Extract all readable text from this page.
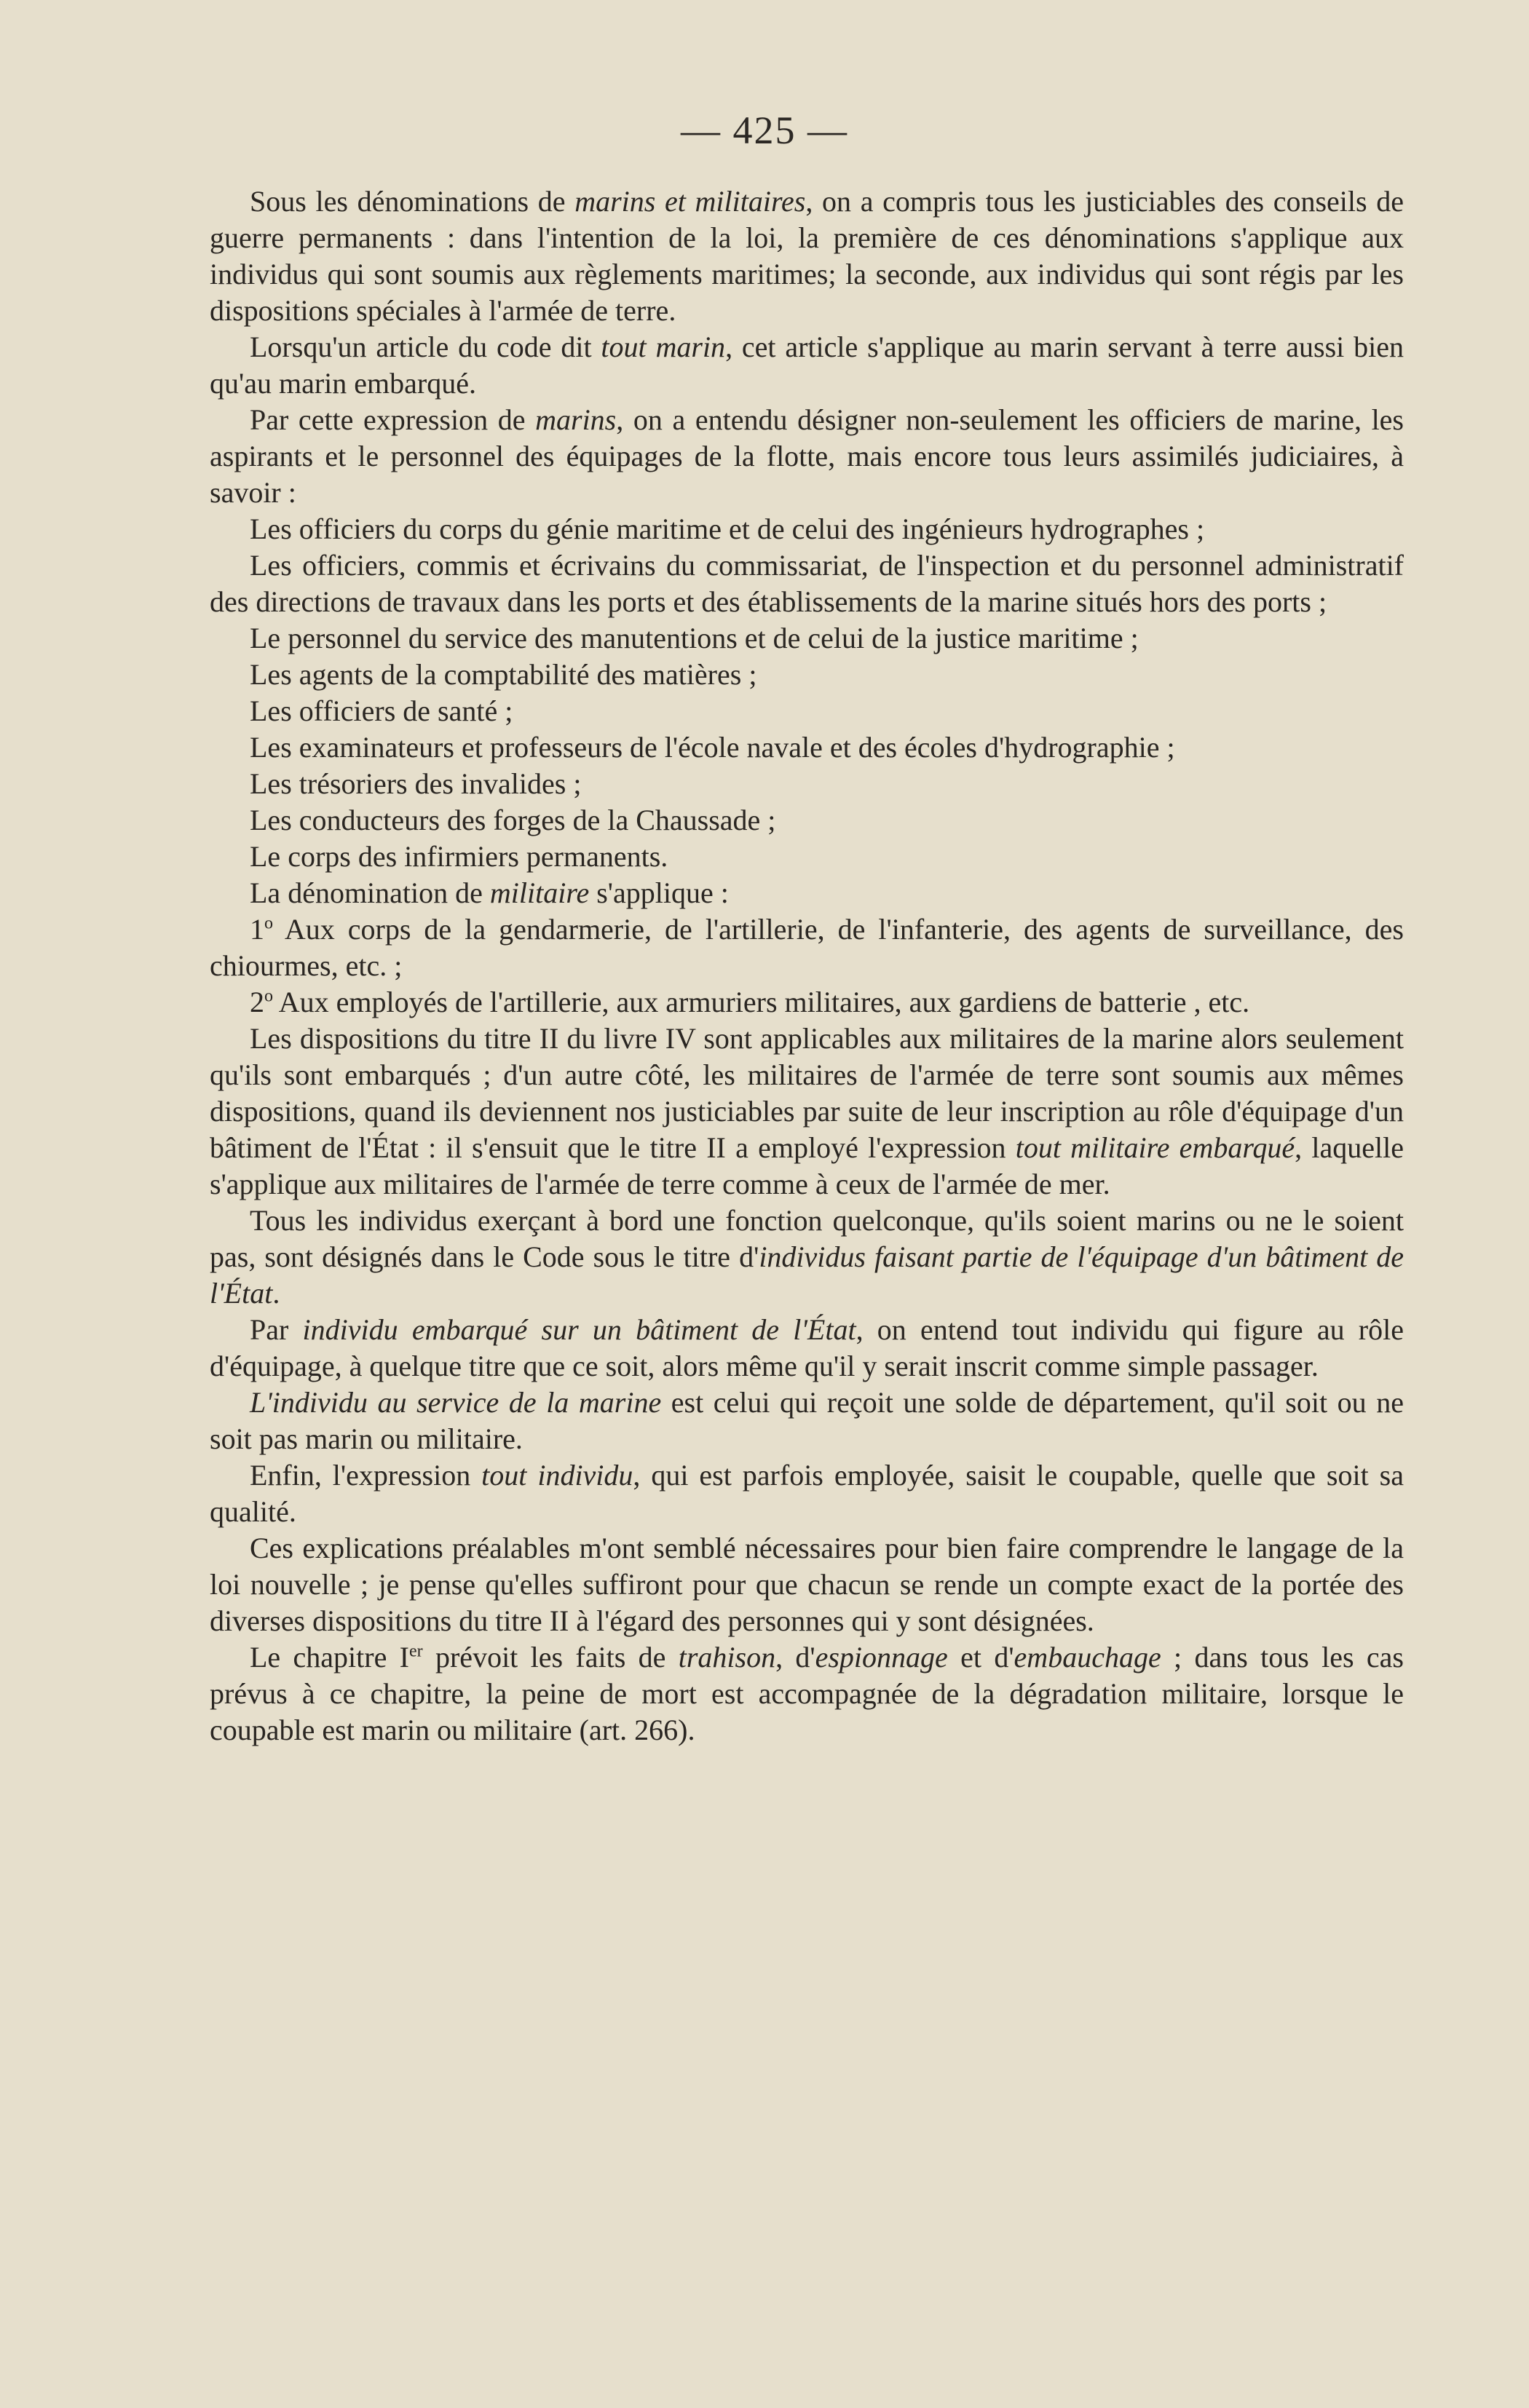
— 425 —

Sous les dénominations de marins et militaires, on a compris tous les justiciables des conseils de guerre permanents : dans l'intention de la loi, la première de ces dénominations s'applique aux individus qui sont soumis aux règlements maritimes; la seconde, aux individus qui sont régis par les dispositions spéciales à l'armée de terre.

Lorsqu'un article du code dit tout marin, cet article s'applique au marin servant à terre aussi bien qu'au marin embarqué.

Par cette expression de marins, on a entendu désigner non-seulement les officiers de marine, les aspirants et le personnel des équipages de la flotte, mais encore tous leurs assimilés judiciaires, à savoir :

Les officiers du corps du génie maritime et de celui des ingénieurs hydrographes ;

Les officiers, commis et écrivains du commissariat, de l'inspection et du personnel administratif des directions de travaux dans les ports et des établissements de la marine situés hors des ports ;

Le personnel du service des manutentions et de celui de la justice maritime ;

Les agents de la comptabilité des matières ;

Les officiers de santé ;

Les examinateurs et professeurs de l'école navale et des écoles d'hydrographie ;

Les trésoriers des invalides ;

Les conducteurs des forges de la Chaussade ;

Le corps des infirmiers permanents.

La dénomination de militaire s'applique :

1$^o$ Aux corps de la gendarmerie, de l'artillerie, de l'infanterie, des agents de surveillance, des chiourmes, etc. ;

2$^o$ Aux employés de l'artillerie, aux armuriers militaires, aux gardiens de batterie , etc.

Les dispositions du titre II du livre IV sont applicables aux militaires de la marine alors seulement qu'ils sont embarqués ; d'un autre côté, les militaires de l'armée de terre sont soumis aux mêmes dispositions, quand ils deviennent nos justiciables par suite de leur inscription au rôle d'équipage d'un bâtiment de l'État : il s'ensuit que le titre II a employé l'expression tout militaire embarqué, laquelle s'applique aux militaires de l'armée de terre comme à ceux de l'armée de mer.

Tous les individus exerçant à bord une fonction quelconque, qu'ils soient marins ou ne le soient pas, sont désignés dans le Code sous le titre d'individus faisant partie de l'équipage d'un bâtiment de l'État.

Par individu embarqué sur un bâtiment de l'État, on entend tout individu qui figure au rôle d'équipage, à quelque titre que ce soit, alors même qu'il y serait inscrit comme simple passager.

L'individu au service de la marine est celui qui reçoit une solde de département, qu'il soit ou ne soit pas marin ou militaire.

Enfin, l'expression tout individu, qui est parfois employée, saisit le coupable, quelle que soit sa qualité.

Ces explications préalables m'ont semblé nécessaires pour bien faire comprendre le langage de la loi nouvelle ; je pense qu'elles suffiront pour que chacun se rende un compte exact de la portée des diverses dispositions du titre II à l'égard des personnes qui y sont désignées.

Le chapitre Ier prévoit les faits de trahison, d'espionnage et d'embauchage ; dans tous les cas prévus à ce chapitre, la peine de mort est accompagnée de la dégradation militaire, lorsque le coupable est marin ou militaire (art. 266).
